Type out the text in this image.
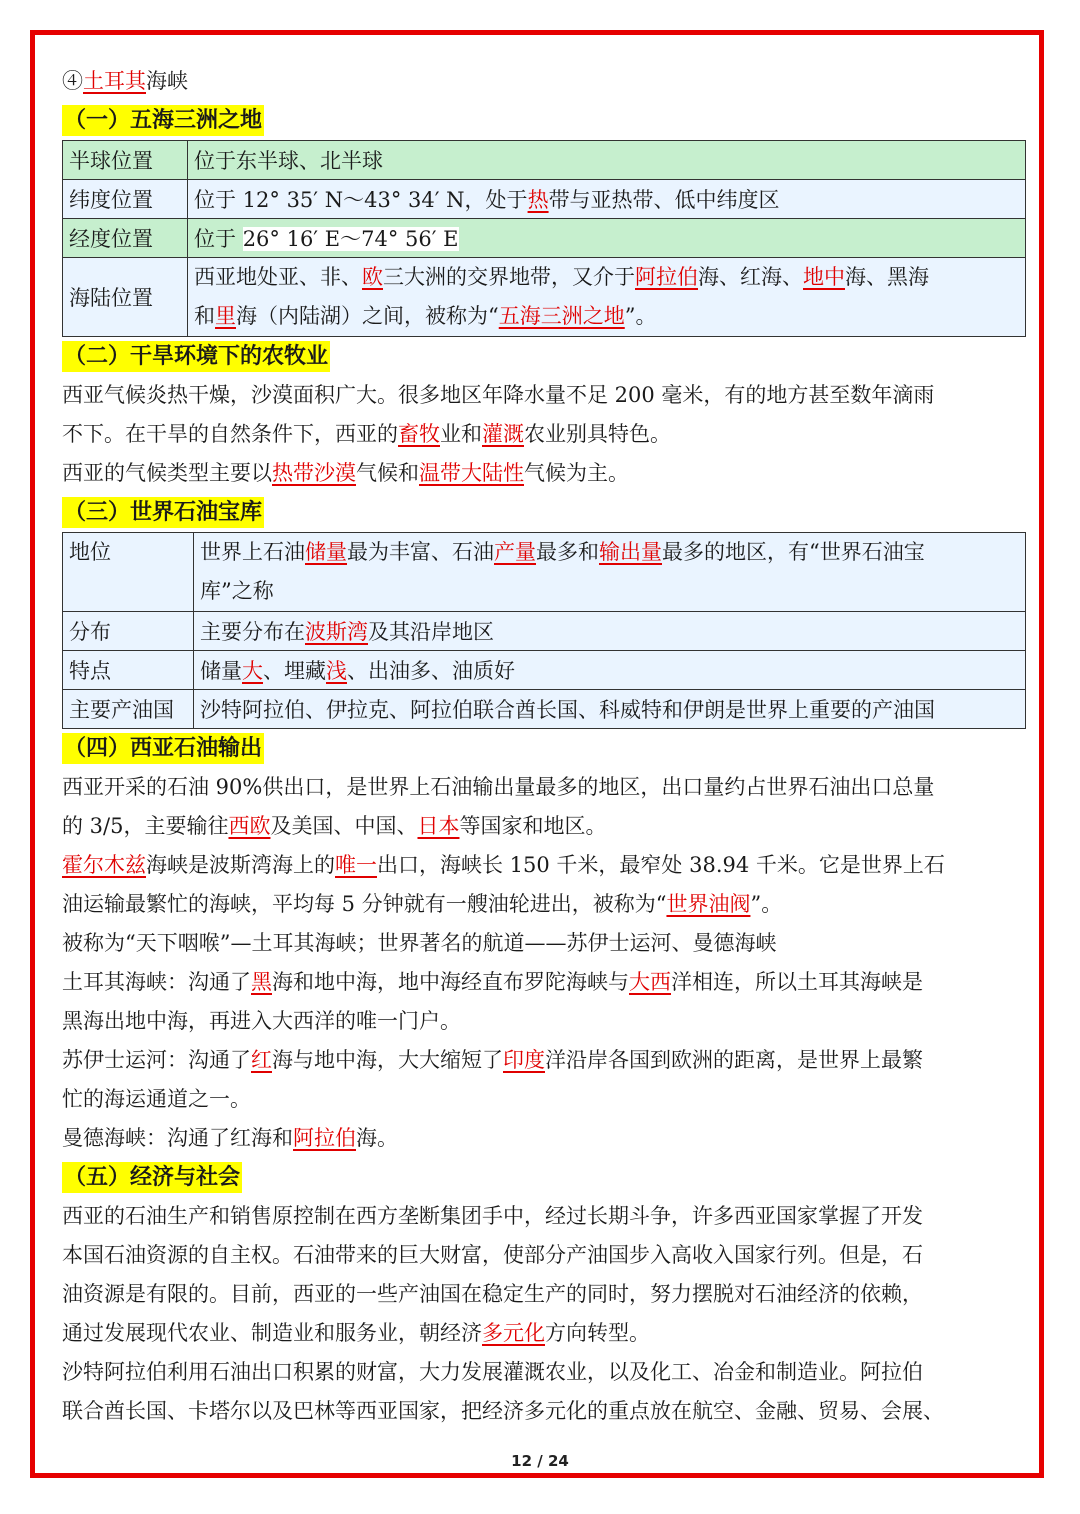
④土耳其海峡
（一）五海三洲之地
半球位置	位于东半球、北半球
纬度位置	位于 12° 35′ N～43° 34′ N，处于热带与亚热带、低中纬度区
经度位置	位于 26° 16′ E～74° 56′ E
海陆位置	西亚地处亚、非、欧三大洲的交界地带，又介于阿拉伯海、红海、地中海、黑海
和里海（内陆湖）之间，被称为“五海三洲之地”。
（二）干旱环境下的农牧业
西亚气候炎热干燥，沙漠面积广大。很多地区年降水量不足 200 毫米，有的地方甚至数年滴雨
不下。在干旱的自然条件下，西亚的畜牧业和灌溉农业别具特色。
西亚的气候类型主要以热带沙漠气候和温带大陆性气候为主。
（三）世界石油宝库
地位	世界上石油储量最为丰富、石油产量最多和输出量最多的地区，有“世界石油宝
库”之称

分布	主要分布在波斯湾及其沿岸地区
特点	储量大、埋藏浅、出油多、油质好
主要产油国	沙特阿拉伯、伊拉克、阿拉伯联合酋长国、科威特和伊朗是世界上重要的产油国
（四）西亚石油输出
西亚开采的石油 90%供出口，是世界上石油输出量最多的地区，出口量约占世界石油出口总量
的 3/5，主要输往西欧及美国、中国、日本等国家和地区。
霍尔木兹海峡是波斯湾海上的唯一出口，海峡长 150 千米，最窄处 38.94 千米。它是世界上石
油运输最繁忙的海峡，平均每 5 分钟就有一艘油轮进出，被称为“世界油阀”。
被称为“天下咽喉”—土耳其海峡；世界著名的航道——苏伊士运河、曼德海峡
土耳其海峡：沟通了黑海和地中海，地中海经直布罗陀海峡与大西洋相连，所以土耳其海峡是
黑海出地中海，再进入大西洋的唯一门户。
苏伊士运河：沟通了红海与地中海，大大缩短了印度洋沿岸各国到欧洲的距离，是世界上最繁
忙的海运通道之一。
曼德海峡：沟通了红海和阿拉伯海。
（五）经济与社会
西亚的石油生产和销售原控制在西方垄断集团手中，经过长期斗争，许多西亚国家掌握了开发
本国石油资源的自主权。石油带来的巨大财富，使部分产油国步入高收入国家行列。但是，石
油资源是有限的。目前，西亚的一些产油国在稳定生产的同时，努力摆脱对石油经济的依赖，
通过发展现代农业、制造业和服务业，朝经济多元化方向转型。
沙特阿拉伯利用石油出口积累的财富，大力发展灌溉农业，以及化工、冶金和制造业。阿拉伯
联合酋长国、卡塔尔以及巴林等西亚国家，把经济多元化的重点放在航空、金融、贸易、会展、
12 / 24
